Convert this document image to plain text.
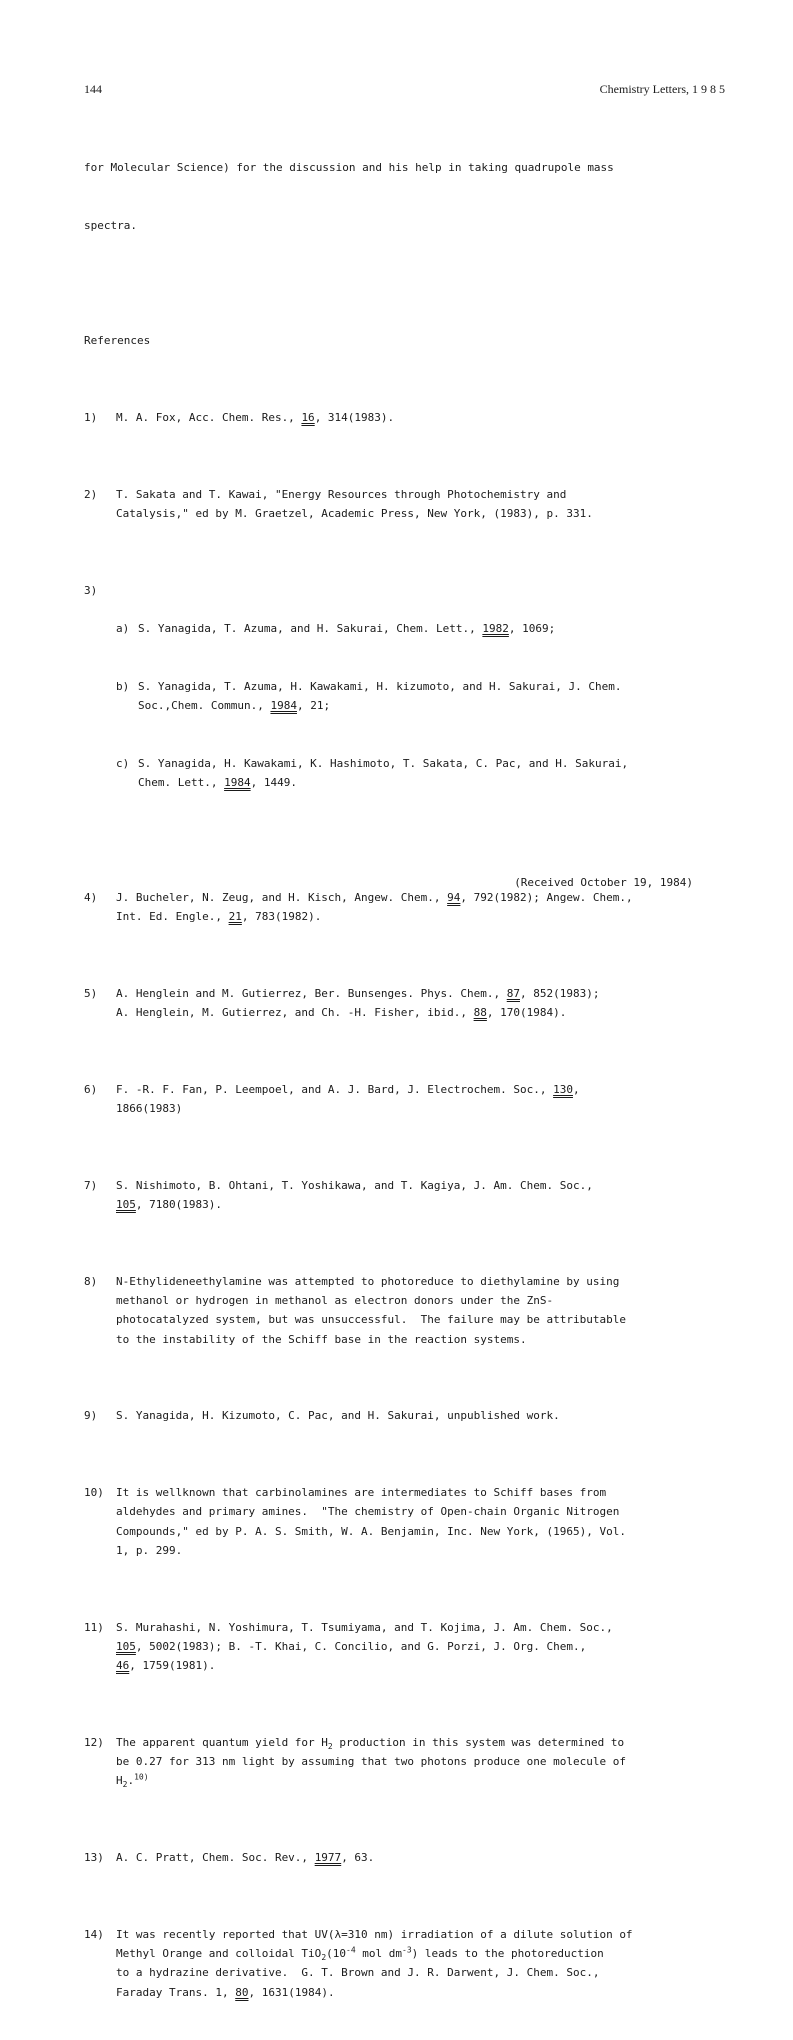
144	Chemistry Letters, 1 9 8 5

for Molecular Science) for the discussion and his help in taking quadrupole mass

spectra.

References

1)	M. A. Fox, Acc. Chem. Res., 16, 314(1983).

2)	T. Sakata and T. Kawai, "Energy Resources through Photochemistry and
Catalysis," ed by M. Graetzel, Academic Press, New York, (1983), p. 331.

3)

a) S. Yanagida, T. Azuma, and H. Sakurai, Chem. Lett., 1982, 1069;

b) S. Yanagida, T. Azuma, H. Kawakami, H. kizumoto, and H. Sakurai, J. Chem.
Soc.,Chem. Commun., 1984, 21;

c) S. Yanagida, H. Kawakami, K. Hashimoto, T. Sakata, C. Pac, and H. Sakurai,
Chem. Lett., 1984, 1449.

4)	J. Bucheler, N. Zeug, and H. Kisch, Angew. Chem., 94, 792(1982); Angew. Chem.,
Int. Ed. Engle., 21, 783(1982).

5)	A. Henglein and M. Gutierrez, Ber. Bunsenges. Phys. Chem., 87, 852(1983);
A. Henglein, M. Gutierrez, and Ch. -H. Fisher, ibid., 88, 170(1984).

6)	F. -R. F. Fan, P. Leempoel, and A. J. Bard, J. Electrochem. Soc., 130,
1866(1983)

7)	S. Nishimoto, B. Ohtani, T. Yoshikawa, and T. Kagiya, J. Am. Chem. Soc.,
105, 7180(1983).

8)	N-Ethylideneethylamine was attempted to photoreduce to diethylamine by using
methanol or hydrogen in methanol as electron donors under the ZnS-
photocatalyzed system, but was unsuccessful.  The failure may be attributable
to the instability of the Schiff base in the reaction systems.

9)	S. Yanagida, H. Kizumoto, C. Pac, and H. Sakurai, unpublished work.

10)	It is wellknown that carbinolamines are intermediates to Schiff bases from
aldehydes and primary amines.  "The chemistry of Open-chain Organic Nitrogen
Compounds," ed by P. A. S. Smith, W. A. Benjamin, Inc. New York, (1965), Vol.
1, p. 299.

11)	S. Murahashi, N. Yoshimura, T. Tsumiyama, and T. Kojima, J. Am. Chem. Soc.,
105, 5002(1983); B. -T. Khai, C. Concilio, and G. Porzi, J. Org. Chem.,
46, 1759(1981).

12)	The apparent quantum yield for $H_2$ production in this system was determined to
be 0.27 for 313 nm light by assuming that two photons produce one molecule of
$H_2.^{10)}$

13)	A. C. Pratt, Chem. Soc. Rev., 1977, 63.

14)	It was recently reported that UV(λ=310 nm) irradiation of a dilute solution of
Methyl Orange and colloidal $TiO_2(10^{-4}$ mol $dm^{-3}$) leads to the photoreduction
to a hydrazine derivative.  G. T. Brown and J. R. Darwent, J. Chem. Soc.,
Faraday Trans. 1, 80, 1631(1984).

(Received October 19, 1984)
